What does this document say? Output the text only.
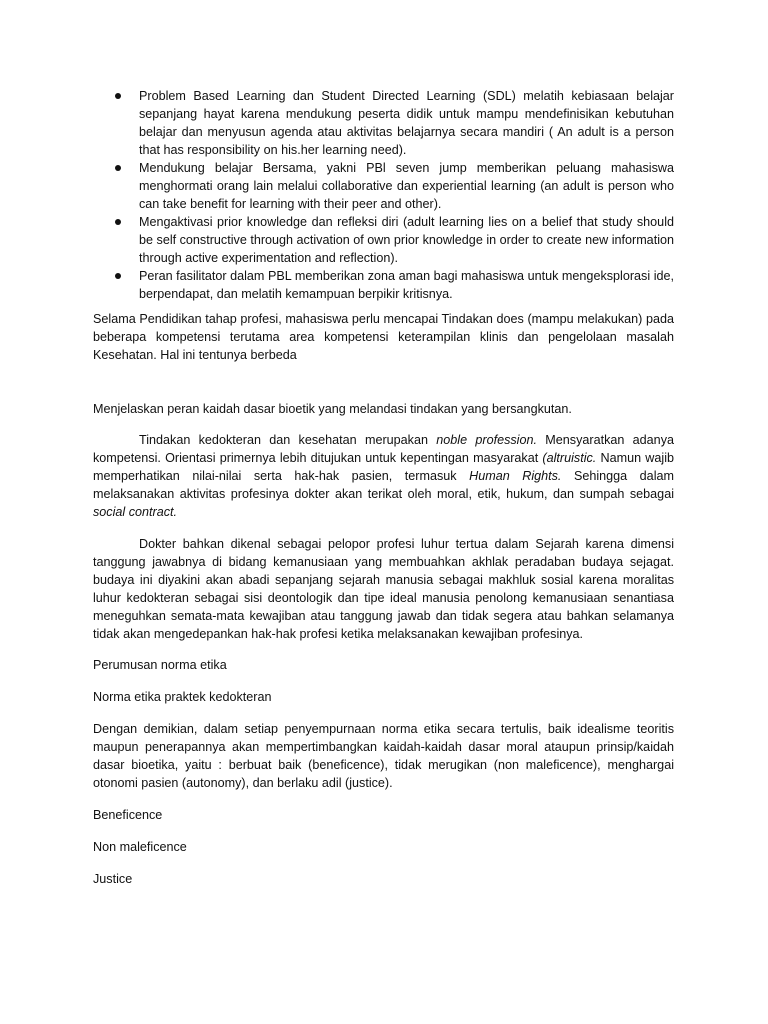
Problem Based Learning dan Student Directed Learning (SDL) melatih kebiasaan belajar sepanjang hayat karena mendukung peserta didik untuk mampu mendefinisikan kebutuhan belajar dan menyusun agenda atau aktivitas belajarnya secara mandiri ( An adult is a person that has responsibility on his.her learning need).
Mendukung belajar Bersama, yakni PBl seven jump memberikan peluang mahasiswa menghormati orang lain melalui collaborative dan experiential learning (an adult is person who can take benefit for learning with their peer and other).
Mengaktivasi prior knowledge dan refleksi diri (adult learning lies on a belief that study should be self constructive through activation of own prior knowledge in order to create new information through active experimentation and reflection).
Peran fasilitator dalam PBL memberikan zona aman bagi mahasiswa untuk mengeksplorasi ide, berpendapat, dan melatih kemampuan berpikir kritisnya.

Selama Pendidikan tahap profesi, mahasiswa perlu mencapai Tindakan does (mampu melakukan) pada beberapa kompetensi terutama area kompetensi keterampilan klinis dan pengelolaan masalah Kesehatan. Hal ini tentunya berbeda

Menjelaskan peran kaidah dasar bioetik yang melandasi tindakan yang bersangkutan.

Tindakan kedokteran dan kesehatan merupakan noble profession. Mensyaratkan adanya kompetensi. Orientasi primernya lebih ditujukan untuk kepentingan masyarakat (altruistic. Namun wajib memperhatikan nilai-nilai serta hak-hak pasien, termasuk Human Rights. Sehingga dalam melaksanakan aktivitas profesinya dokter akan terikat oleh moral, etik, hukum, dan sumpah sebagai social contract.

Dokter bahkan dikenal sebagai pelopor profesi luhur tertua dalam Sejarah karena dimensi tanggung jawabnya di bidang kemanusiaan yang membuahkan akhlak peradaban budaya sejagat. budaya ini diyakini akan abadi sepanjang sejarah manusia sebagai makhluk sosial karena moralitas luhur kedokteran sebagai sisi deontologik dan tipe ideal manusia penolong kemanusiaan senantiasa meneguhkan semata-mata kewajiban atau tanggung jawab dan tidak segera atau bahkan selamanya tidak akan mengedepankan hak-hak profesi ketika melaksanakan kewajiban profesinya.

Perumusan norma etika

Norma etika praktek kedokteran

Dengan demikian, dalam setiap penyempurnaan norma etika secara tertulis, baik idealisme teoritis maupun penerapannya akan mempertimbangkan kaidah-kaidah dasar moral ataupun prinsip/kaidah dasar bioetika, yaitu : berbuat baik (beneficence), tidak merugikan (non maleficence), menghargai otonomi pasien (autonomy), dan berlaku adil (justice).

Beneficence

Non maleficence

Justice
